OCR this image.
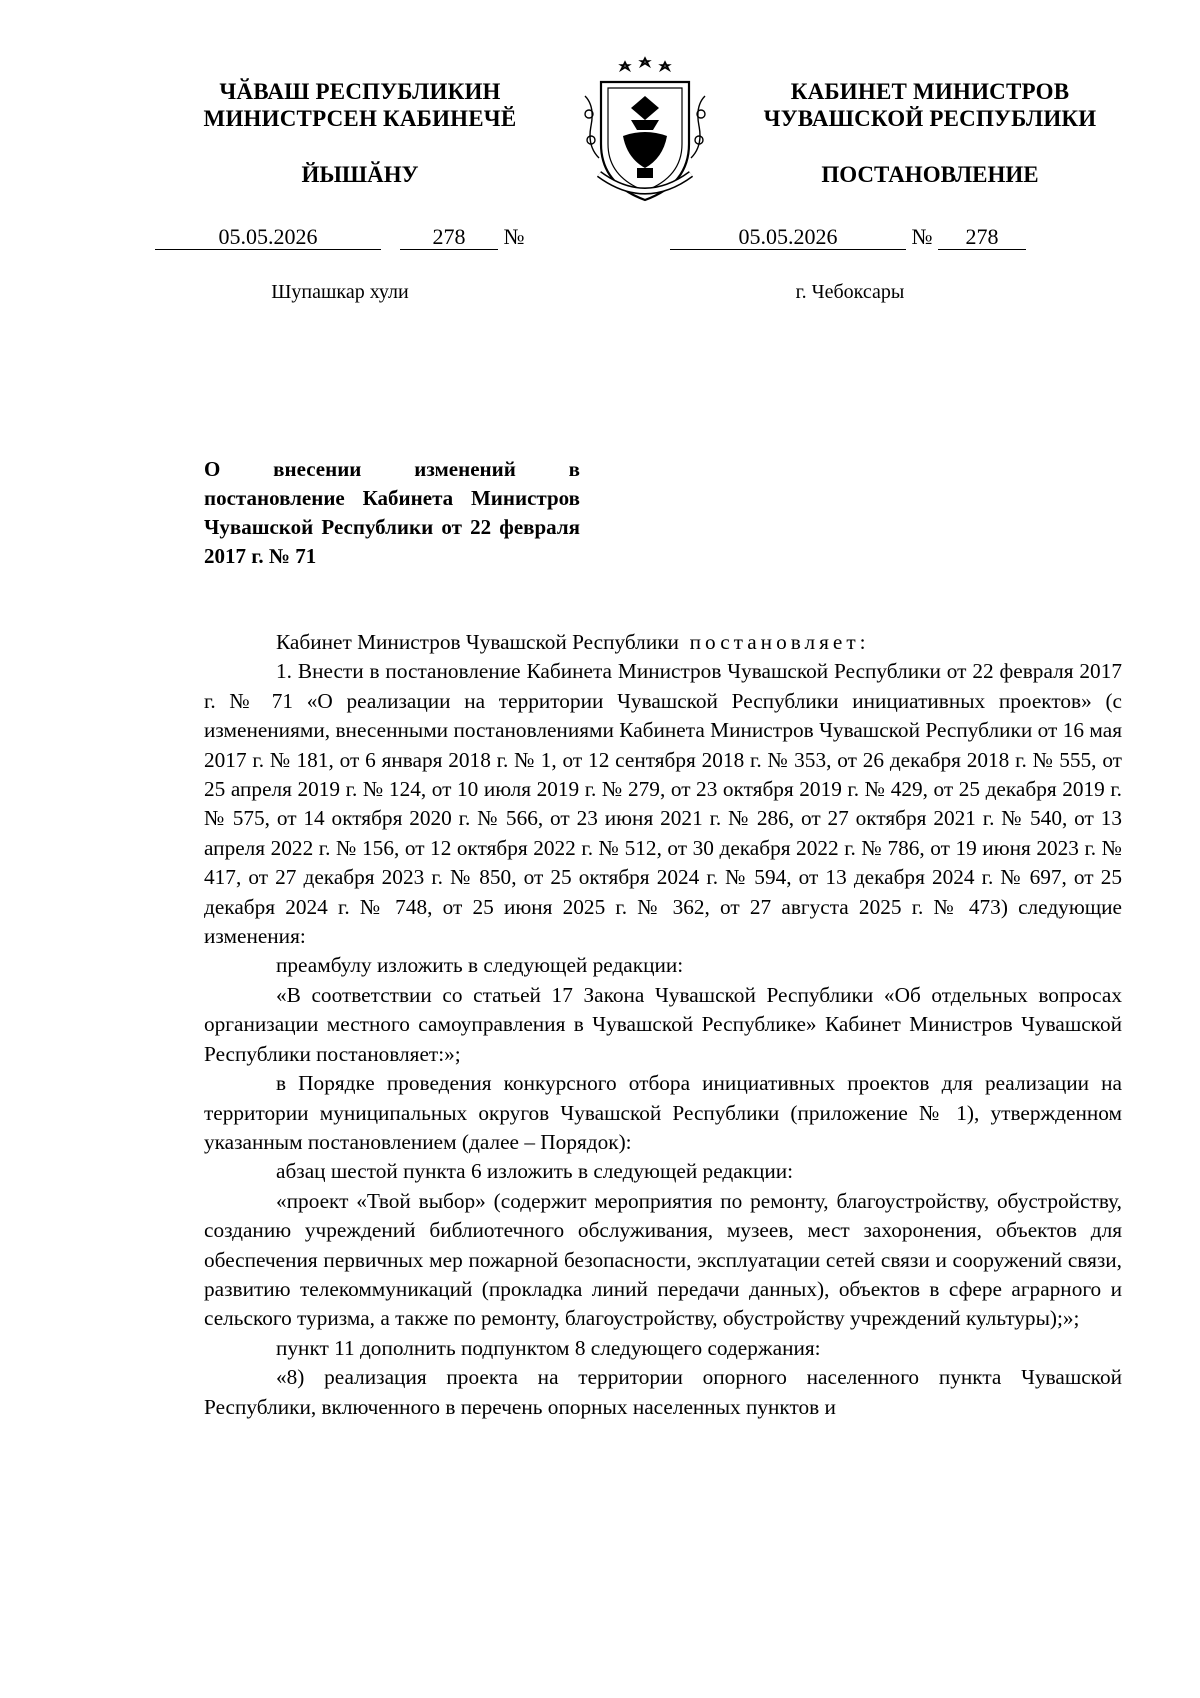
ЧӐВАШ РЕСПУБЛИКИН
МИНИСТРСЕН КАБИНЕЧӖ
ЙЫШӐНУ
КАБИНЕТ МИНИСТРОВ
ЧУВАШСКОЙ РЕСПУБЛИКИ
ПОСТАНОВЛЕНИЕ
05.05.2026	278 №	05.05.2026	№ 278
Шупашкар хули	г. Чебоксары
О внесении изменений в постановление Кабинета Министров Чувашской Республики от 22 февраля 2017 г. № 71

Кабинет Министров Чувашской Республики постановляет:

1. Внести в постановление Кабинета Министров Чувашской Республики от 22 февраля 2017 г. № 71 «О реализации на территории Чувашской Республики инициативных проектов» (с изменениями, внесенными постановлениями Кабинета Министров Чувашской Республики от 16 мая 2017 г. № 181, от 6 января 2018 г. № 1, от 12 сентября 2018 г. № 353, от 26 декабря 2018 г. № 555, от 25 апреля 2019 г. № 124, от 10 июля 2019 г. № 279, от 23 октября 2019 г. № 429, от 25 декабря 2019 г. № 575, от 14 октября 2020 г. № 566, от 23 июня 2021 г. № 286, от 27 октября 2021 г. № 540, от 13 апреля 2022 г. № 156, от 12 октября 2022 г. № 512, от 30 декабря 2022 г. № 786, от 19 июня 2023 г. № 417, от 27 декабря 2023 г. № 850, от 25 октября 2024 г. № 594, от 13 декабря 2024 г. № 697, от 25 декабря 2024 г. № 748, от 25 июня 2025 г. № 362, от 27 августа 2025 г. № 473) следующие изменения:

преамбулу изложить в следующей редакции:

«В соответствии со статьей 17 Закона Чувашской Республики «Об отдельных вопросах организации местного самоуправления в Чувашской Республике» Кабинет Министров Чувашской Республики постановляет:»;

в Порядке проведения конкурсного отбора инициативных проектов для реализации на территории муниципальных округов Чувашской Республики (приложение № 1), утвержденном указанным постановлением (далее – Порядок):

абзац шестой пункта 6 изложить в следующей редакции:

«проект «Твой выбор» (содержит мероприятия по ремонту, благоустройству, обустройству, созданию учреждений библиотечного обслуживания, музеев, мест захоронения, объектов для обеспечения первичных мер пожарной безопасности, эксплуатации сетей связи и сооружений связи, развитию телекоммуникаций (прокладка линий передачи данных), объектов в сфере аграрного и сельского туризма, а также по ремонту, благоустройству, обустройству учреждений культуры);»;

пункт 11 дополнить подпунктом 8 следующего содержания:

«8) реализация проекта на территории опорного населенного пункта Чувашской Республики, включенного в перечень опорных населенных пунктов и
